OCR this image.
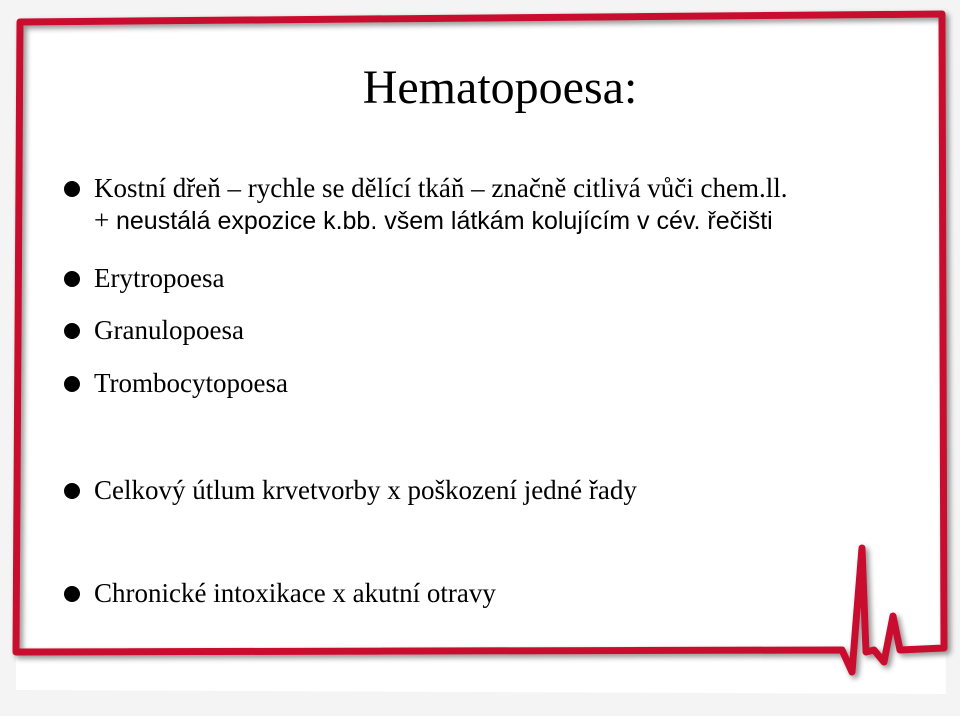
Hematopoesa:
Kostní dřeň – rychle se dělící tkáň – značně citlivá vůči chem.ll.
+ neustálá expozice k.bb. všem látkám kolujícím v cév. řečišti
Erytropoesa
Granulopoesa
Trombocytopoesa
Celkový útlum krvetvorby x poškození jedné řady
Chronické intoxikace x akutní otravy
